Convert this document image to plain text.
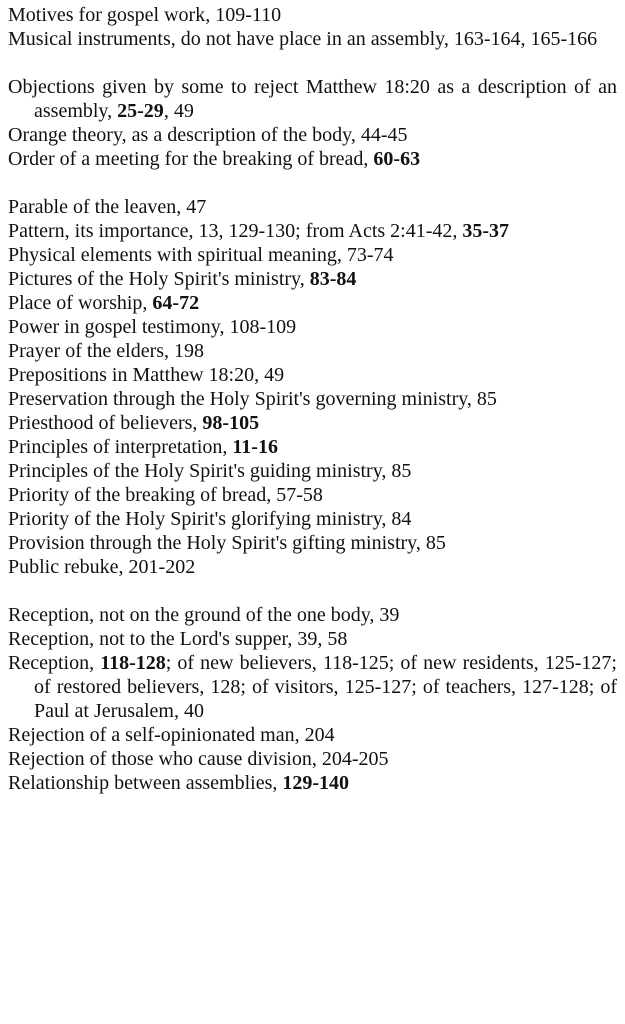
Motives for gospel work, 109-110

Musical instruments, do not have place in an assembly, 163-164, 165-166

Objections given by some to reject Matthew 18:20 as a description of an assembly, 25-29, 49

Orange theory, as a description of the body, 44-45

Order of a meeting for the breaking of bread, 60-63

Parable of the leaven, 47

Pattern, its importance, 13, 129-130; from Acts 2:41-42, 35-37

Physical elements with spiritual meaning, 73-74

Pictures of the Holy Spirit's ministry, 83-84

Place of worship, 64-72

Power in gospel testimony, 108-109

Prayer of the elders, 198

Prepositions in Matthew 18:20, 49

Preservation through the Holy Spirit's governing ministry, 85

Priesthood of believers, 98-105

Principles of interpretation, 11-16

Principles of the Holy Spirit's guiding ministry, 85

Priority of the breaking of bread, 57-58

Priority of the Holy Spirit's glorifying ministry, 84

Provision through the Holy Spirit's gifting ministry, 85

Public rebuke, 201-202

Reception, not on the ground of the one body, 39

Reception, not to the Lord's supper, 39, 58

Reception, 118-128; of new believers, 118-125; of new residents, 125-127; of restored believers, 128; of visitors, 125-127; of teachers, 127-128; of Paul at Jerusalem, 40

Rejection of a self-opinionated man, 204

Rejection of those who cause division, 204-205

Relationship between assemblies, 129-140
